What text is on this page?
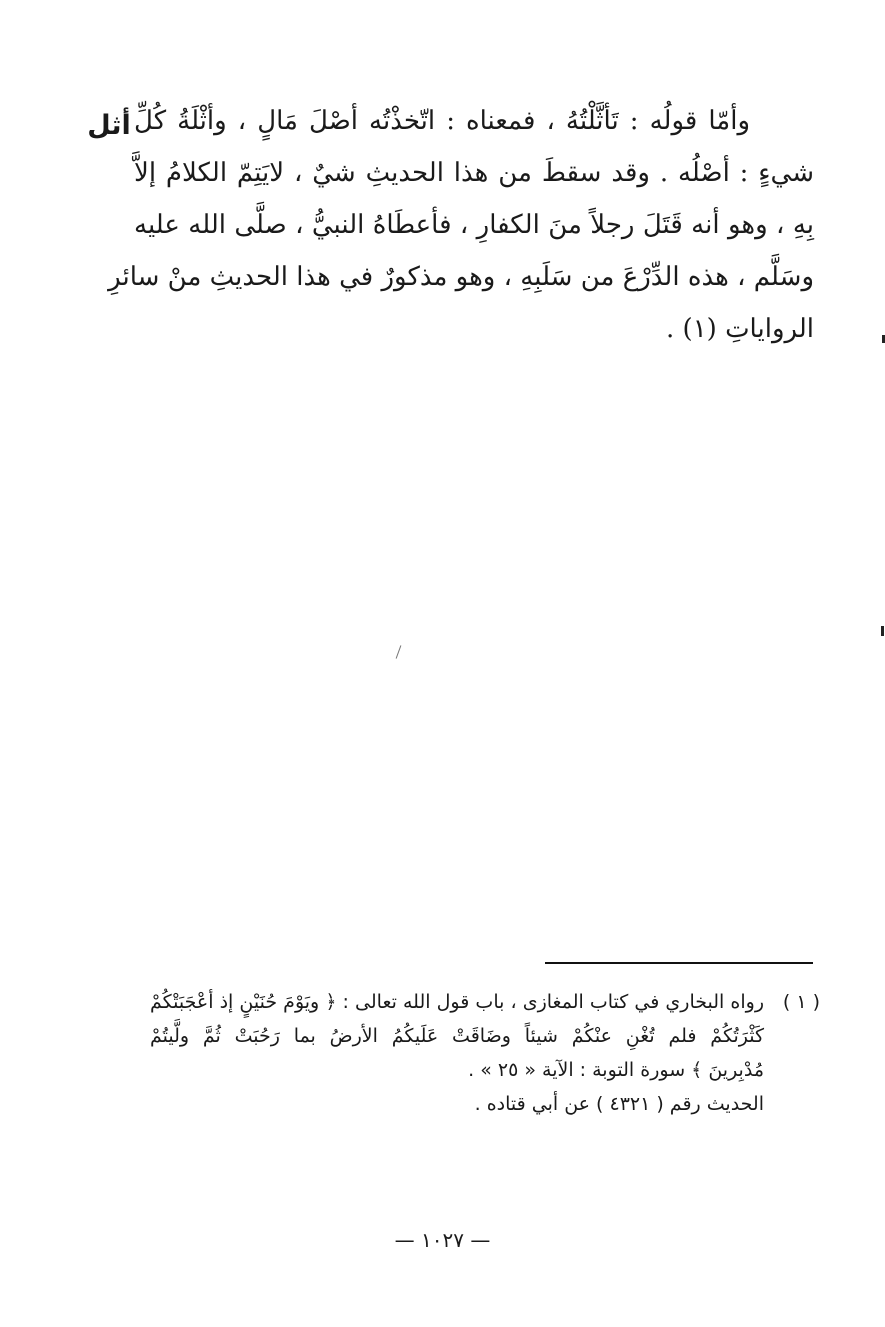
أثل وأمّا قولُه : تَأثَّلْتُهُ ، فمعناه : اتّخذْتُه أصْلَ مَالٍ ، وأثْلَةُ كُلِّ
شيءٍ : أصْلُه . وقد سقطَ من هذا الحديثِ شيٌ ، لايَتِمّ الكلامُ إلاَّ
بِهِ ، وهو أنه قَتَلَ رجلاً منَ الكفارِ ، فأعطَاهُ النبيُّ ، صلَّى الله عليه
وسَلَّم ، هذه الدِّرْعَ من سَلَبِهِ ، وهو مذكورٌ في هذا الحديثِ منْ سائرِ
الرواياتِ (١) .
( ١ )
رواه البخاري في كتاب المغازى ، باب قول الله تعالى : ﴿ ويَوْمَ حُنَيْنٍ إذ أعْجَبَتْكُمْ
كَثْرَتُكُمْ فلم تُغْنِ عنْكُمْ شيئاً وضَاقَتْ عَلَيكُمُ الأرضُ بما رَحُبَتْ ثُمَّ ولَّيتُمْ
مُدْبِرينَ ﴾ سورة التوبة : الآية « ٢٥ » .
الحديث رقم ( ٤٣٢١ ) عن أبي قتاده .
— ١٠٢٧ —
